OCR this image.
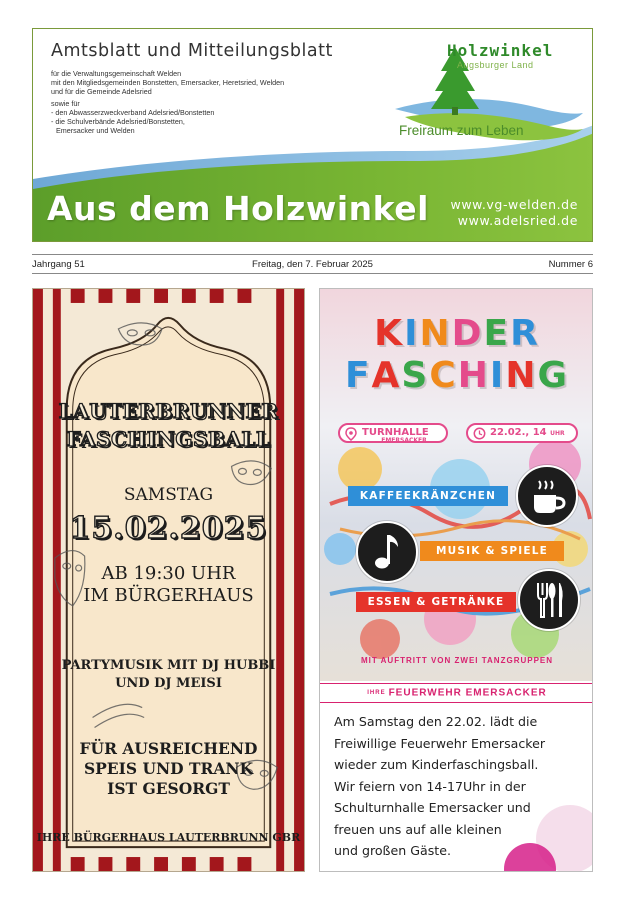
Amtsblatt und Mitteilungsblatt

für die Verwaltungsgemeinschaft Welden

mit den Mitgliedsgemeinden Bonstetten, Emersacker, Heretsried, Welden

und für die Gemeinde Adelsried

sowie für

- den Abwasserzweckverband Adelsried/Bonstetten

- die Schulverbände Adelsried/Bonstetten,

Emersacker und Welden

Holzwinkel
Augsburger Land
Freiraum zum Leben
Aus dem Holzwinkel www.vg-welden.de
www.adelsried.de
Jahrgang 51	Freitag, den 7. Februar 2025	Nummer 6
LAUTERBRUNNER
FASCHINGSBALL
SAMSTAG
15.02.2025
AB 19:30 UHR
IM BÜRGERHAUS
PARTYMUSIK MIT DJ HUBBI
UND DJ MEISI
FÜR AUSREICHEND
SPEIS UND TRANK
IST GESORGT
IHRE BÜRGERHAUS LAUTERBRUNN GBR
KINDER
FASCHING
TURNHALLE
EMERSACKER
22.02., 14 UHR
KAFFEEKRÄNZCHEN
MUSIK & SPIELE
ESSEN & GETRÄNKE
MIT AUFTRITT VON ZWEI TANZGRUPPEN
IHRE FEUERWEHR EMERSACKER

Am Samstag den 22.02. lädt die

Freiwillige Feuerwehr Emersacker

wieder zum Kinderfaschingsball.

Wir feiern von 14-17Uhr in der

Schulturnhalle Emersacker und

freuen uns auf alle kleinen

und großen Gäste.
